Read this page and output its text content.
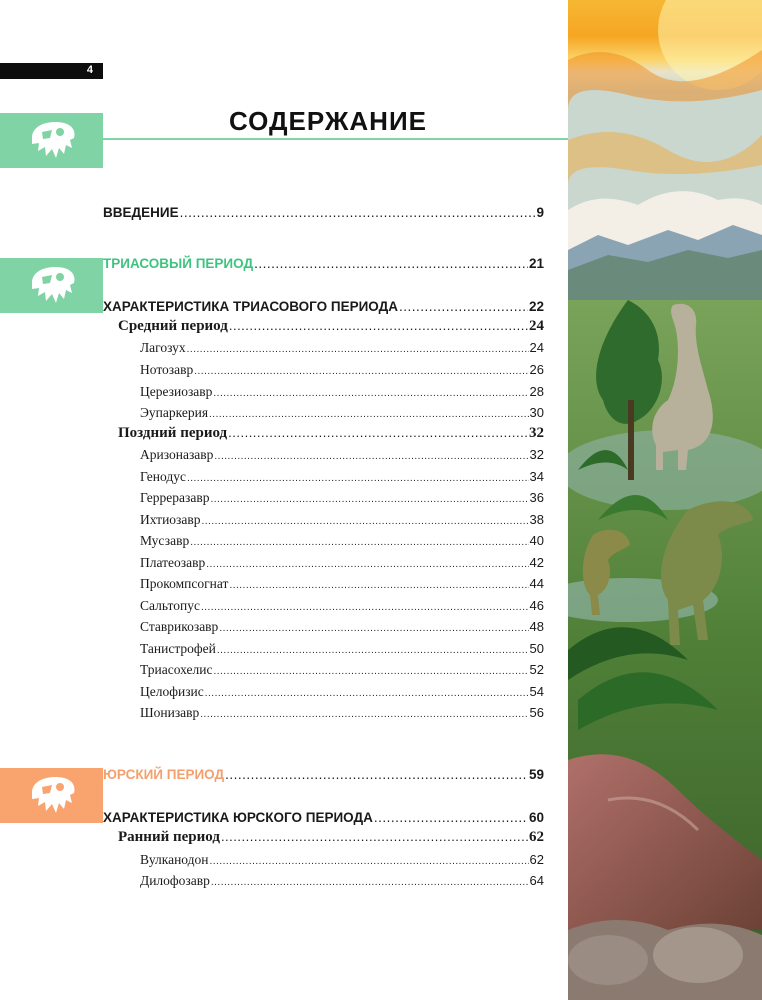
4
СОДЕРЖАНИЕ
ВВЕДЕНИЕ .....	9
ТРИАСОВЫЙ ПЕРИОД .....	21
ХАРАКТЕРИСТИКА ТРИАСОВОГО ПЕРИОДА .....	22
Средний период .....	24
Лагозух .....	24
Нотозавр .....	26
Церезиозавр .....	28
Эупаркерия .....	30
Поздний период .....	32
Аризоназавр .....	32
Генодус .....	34
Герреразавр .....	36
Ихтиозавр .....	38
Мусзавр .....	40
Платеозавр .....	42
Прокомпсогнат .....	44
Сальтопус .....	46
Ставрикозавр .....	48
Танистрофей .....	50
Триасохелис .....	52
Целофизис .....	54
Шонизавр .....	56
ЮРСКИЙ ПЕРИОД .....	59
ХАРАКТЕРИСТИКА ЮРСКОГО ПЕРИОДА .....	60
Ранний период .....	62
Вулканодон .....	62
Дилофозавр .....	64
